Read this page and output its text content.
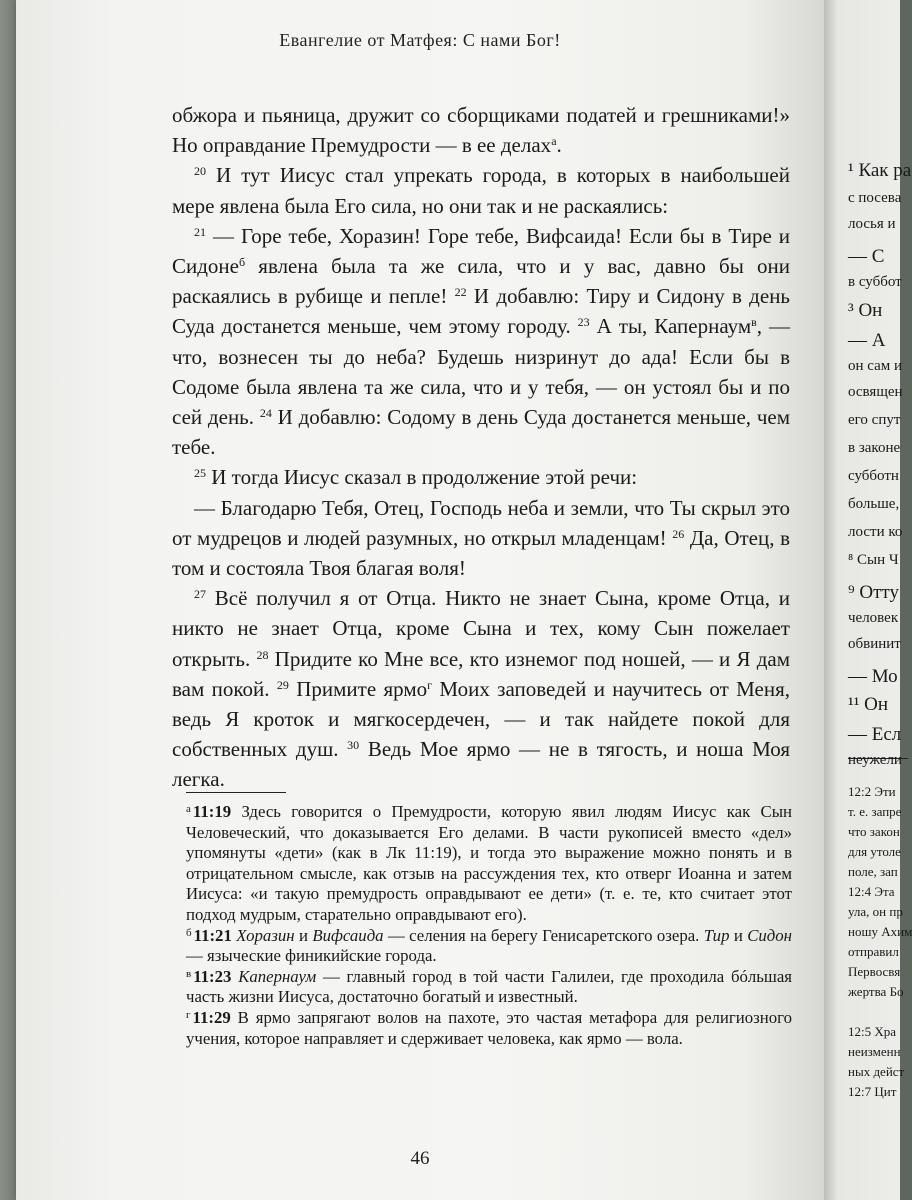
Евангелие от Матфея: С нами Бог!

обжора и пьяница, дружит со сборщиками податей и грешниками!» Но оправдание Премудрости — в ее делах$^а$.

$^{20}$ И тут Иисус стал упрекать города, в которых в наибольшей мере явлена была Его сила, но они так и не раскаялись:

$^{21}$ — Горе тебе, Хоразин! Горе тебе, Вифсаида! Если бы в Тире и Сидоне$^б$ явлена была та же сила, что и у вас, давно бы они раскаялись в рубище и пепле! $^{22}$ И добавлю: Тиру и Сидону в день Суда достанется меньше, чем этому городу. $^{23}$ А ты, Капернаум$^в$, — что, вознесен ты до неба? Будешь низринут до ада! Если бы в Содоме была явлена та же сила, что и у тебя, — он устоял бы и по сей день. $^{24}$ И добавлю: Содому в день Суда достанется меньше, чем тебе.

$^{25}$ И тогда Иисус сказал в продолжение этой речи:

— Благодарю Тебя, Отец, Господь неба и земли, что Ты скрыл это от мудрецов и людей разумных, но открыл младенцам! $^{26}$ Да, Отец, в том и состояла Твоя благая воля!

$^{27}$ Всё получил я от Отца. Никто не знает Сына, кроме Отца, и никто не знает Отца, кроме Сына и тех, кому Сын пожелает открыть. $^{28}$ Придите ко Мне все, кто изнемог под ношей, — и Я дам вам покой. $^{29}$ Примите ярмо$^г$ Моих заповедей и научитесь от Меня, ведь Я кроток и мягкосердечен, — и так найдете покой для собственных душ. $^{30}$ Ведь Мое ярмо — не в тягость, и ноша Моя легка.

$^а$ 11:19 Здесь говорится о Премудрости, которую явил людям Иисус как Сын Человеческий, что доказывается Его делами. В части рукописей вместо «дел» упомянуты «дети» (как в Лк 11:19), и тогда это выражение можно понять и в отрицательном смысле, как отзыв на рассуждения тех, кто отверг Иоанна и затем Иисуса: «и такую премудрость оправдывают ее дети» (т. е. те, кто считает этот подход мудрым, старательно оправдывают его).

$^б$ 11:21 Хоразин и Вифсаида — селения на берегу Генисаретского озера. Тир и Сидон — языческие финикийские города.

$^в$ 11:23 Капернаум — главный город в той части Галилеи, где проходила бóльшая часть жизни Иисуса, достаточно богатый и известный.

$^г$ 11:29 В ярмо запрягают волов на пахоте, это частая метафора для религиозного учения, которое направляет и сдерживает человека, как ярмо — вола.

46
¹ Как ра
с посева
лосья и
— С
в суббот
³ Он
— А
он сам и
освящен
его спут
в законе
субботн
больше,
лости ко
⁸ Сын Ч
⁹ Отту
человек
обвинит
— Мо
¹¹ Он
— Есл
неужели
12:2 Эти
т. е. запре
что закон
для утоле
поле, зап
12:4 Эта
ула, он пр
ношу Ахим
отправил
Первосвя
жертва Бо
12:5 Хра
неизменн
ных дейст
12:7 Цит
